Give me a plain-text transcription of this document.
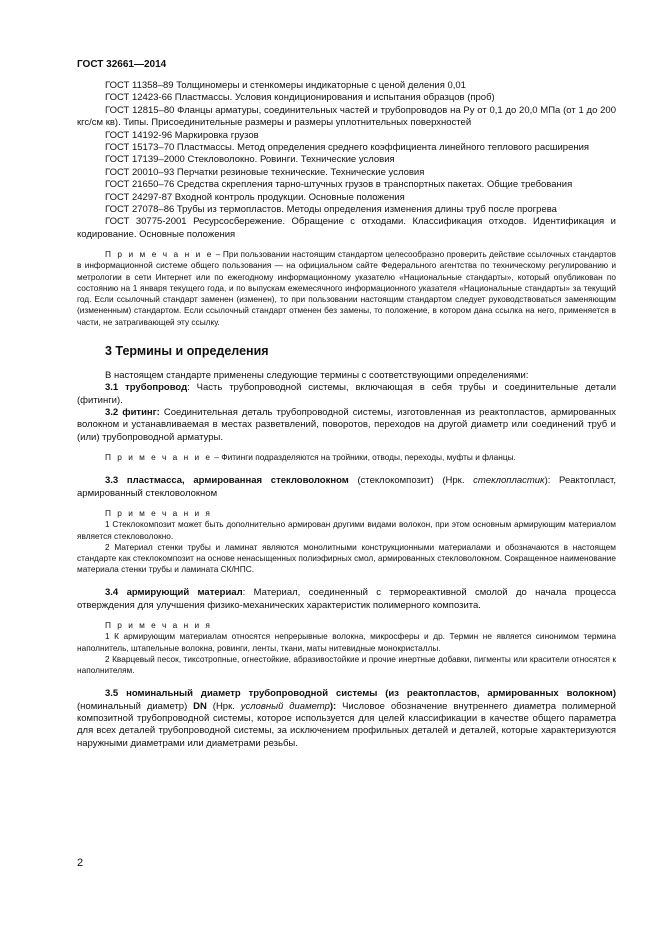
ГОСТ 32661—2014

ГОСТ 11358–89 Толщиномеры и стенкомеры индикаторные с ценой деления 0,01

ГОСТ 12423-66 Пластмассы. Условия кондиционирования и испытания образцов (проб)

ГОСТ 12815–80 Фланцы арматуры, соединительных частей и трубопроводов на Py от 0,1 до 20,0 МПа (от 1 до 200 кгс/см кв). Типы. Присоединительные размеры и размеры уплотнительных поверхностей

ГОСТ 14192-96 Маркировка грузов

ГОСТ 15173–70 Пластмассы. Метод определения среднего коэффициента линейного теплового расширения

ГОСТ 17139–2000 Стекловолокно. Ровинги. Технические условия

ГОСТ 20010–93 Перчатки резиновые технические. Технические условия

ГОСТ 21650–76 Средства скрепления тарно-штучных грузов в транспортных пакетах. Общие требования

ГОСТ 24297-87 Входной контроль продукции. Основные положения

ГОСТ 27078–86 Трубы из термопластов. Методы определения изменения длины труб после прогрева

ГОСТ 30775-2001 Ресурсосбережение. Обращение с отходами. Классификация отходов. Идентификация и кодирование. Основные положения

П р и м е ч а н и е – При пользовании настоящим стандартом целесообразно проверить действие ссылочных стандартов в информационной системе общего пользования — на официальном сайте Федерального агентства по техническому регулированию и метрологии в сети Интернет или по ежегодному информационному указателю «Национальные стандарты», который опубликован по состоянию на 1 января текущего года, и по выпускам ежемесячного информационного указателя «Национальные стандарты» за текущий год. Если ссылочный стандарт заменен (изменен), то при пользовании настоящим стандартом следует руководствоваться заменяющим (измененным) стандартом. Если ссылочный стандарт отменен без замены, то положение, в котором дана ссылка на него, применяется в части, не затрагивающей эту ссылку.

3 Термины и определения

В настоящем стандарте применены следующие термины с соответствующими определениями:

3.1 трубопровод: Часть трубопроводной системы, включающая в себя трубы и соединительные детали (фитинги).

3.2 фитинг: Соединительная деталь трубопроводной системы, изготовленная из реактопластов, армированных волокном и устанавливаемая в местах разветвлений, поворотов, переходов на другой диаметр или соединений труб и (или) трубопроводной арматуры.

П р и м е ч а н и е – Фитинги подразделяются на тройники, отводы, переходы, муфты и фланцы.

3.3 пластмасса, армированная стекловолокном (стеклокомпозит) (Нрк. стеклопластик): Реактопласт, армированный стекловолокном

П р и м е ч а н и я

1 Стеклокомпозит может быть дополнительно армирован другими видами волокон, при этом основным армирующим материалом является стекловолокно.

2 Материал стенки трубы и ламинат являются монолитными конструкционными материалами и обозначаются в настоящем стандарте как стеклокомпозит на основе ненасыщенных полиэфирных смол, армированных стекловолокном. Сокращенное наименование материала стенки трубы и ламината СК/НПС.

3.4 армирующий материал: Материал, соединенный с термореактивной смолой до начала процесса отверждения для улучшения физико-механических характеристик полимерного композита.

П р и м е ч а н и я

1 К армирующим материалам относятся непрерывные волокна, микросферы и др. Термин не является синонимом термина наполнитель, штапельные волокна, ровинги, ленты, ткани, маты нитевидные монокристаллы.

2 Кварцевый песок, тиксотропные, огнестойкие, абразивостойкие и прочие инертные добавки, пигменты или красители относятся к наполнителям.

3.5 номинальный диаметр трубопроводной системы (из реактопластов, армированных волокном) (номинальный диаметр) DN (Нрк. условный диаметр): Числовое обозначение внутреннего диаметра полимерной композитной трубопроводной системы, которое используется для целей классификации в качестве общего параметра для всех деталей трубопроводной системы, за исключением профильных деталей и деталей, которые характеризуются наружными диаметрами или диаметрами резьбы.

2
